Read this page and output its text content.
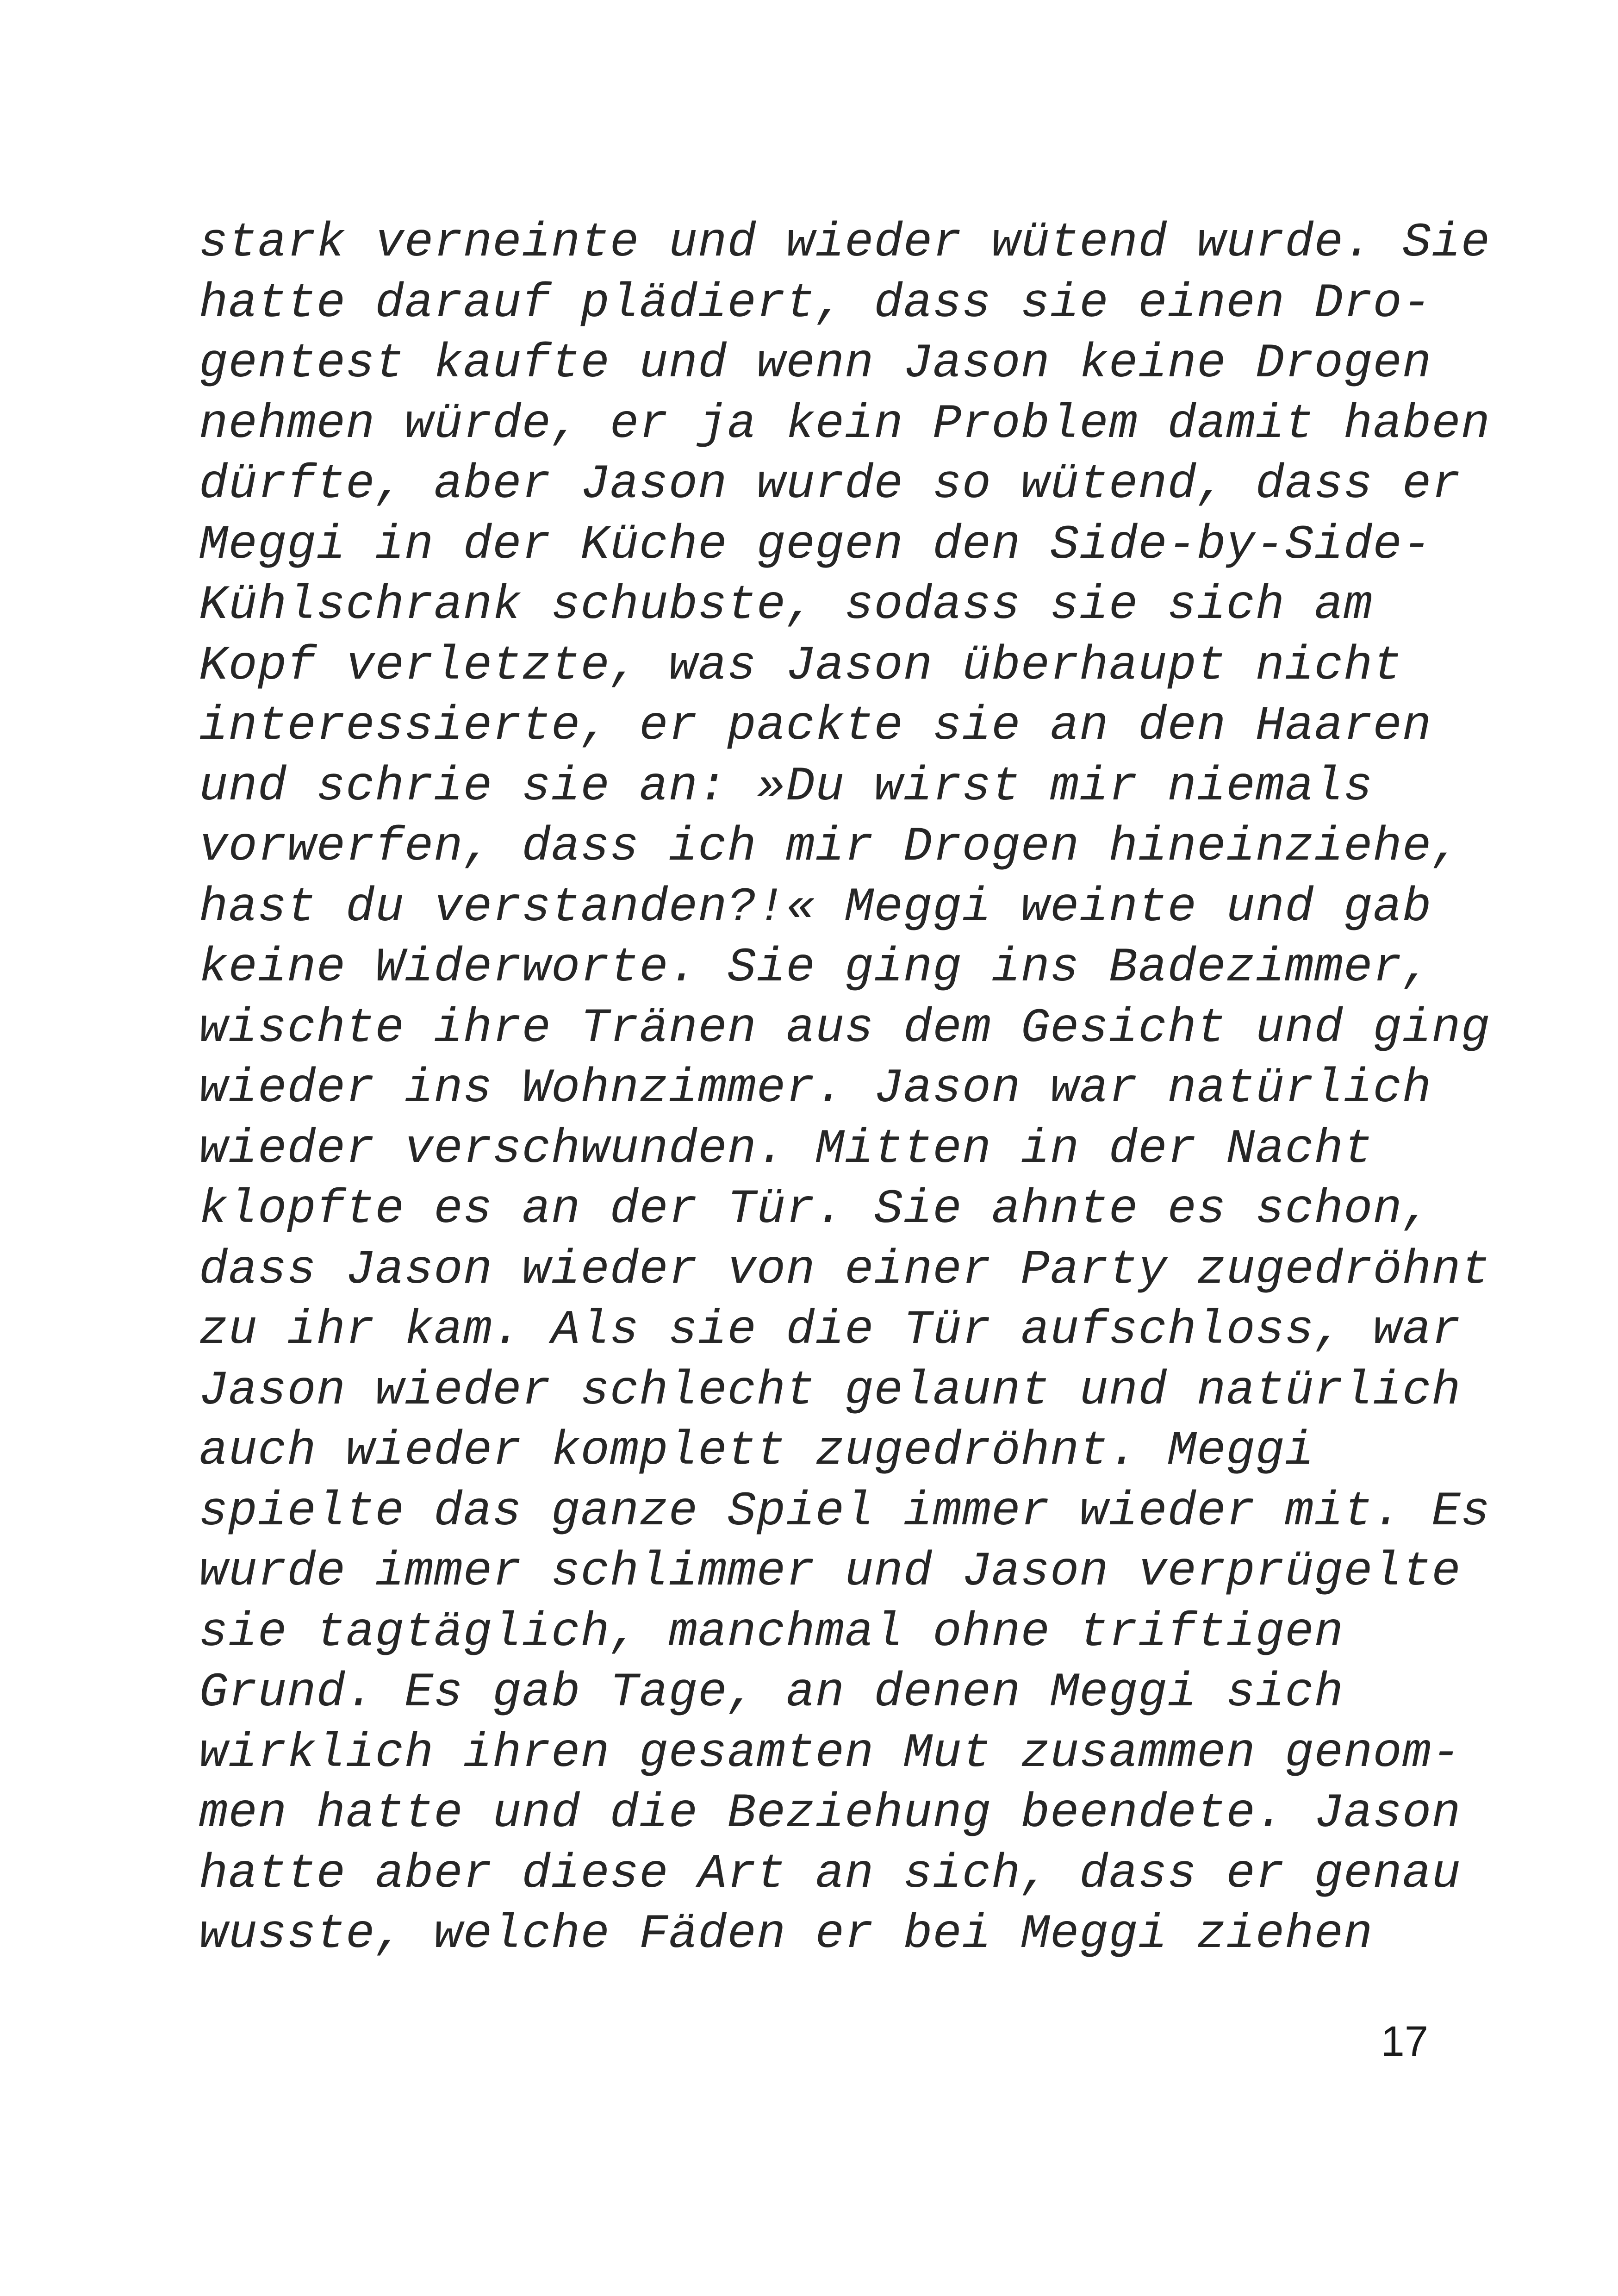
stark verneinte und wieder wütend wurde. Sie
hatte darauf plädiert, dass sie einen Dro-
gentest kaufte und wenn Jason keine Drogen
nehmen würde, er ja kein Problem damit haben
dürfte, aber Jason wurde so wütend, dass er
Meggi in der Küche gegen den Side-by-Side-
Kühlschrank schubste, sodass sie sich am
Kopf verletzte, was Jason überhaupt nicht
interessierte, er packte sie an den Haaren
und schrie sie an: »Du wirst mir niemals
vorwerfen, dass ich mir Drogen hineinziehe,
hast du verstanden?!« Meggi weinte und gab
keine Widerworte. Sie ging ins Badezimmer,
wischte ihre Tränen aus dem Gesicht und ging
wieder ins Wohnzimmer. Jason war natürlich
wieder verschwunden. Mitten in der Nacht
klopfte es an der Tür. Sie ahnte es schon,
dass Jason wieder von einer Party zugedröhnt
zu ihr kam. Als sie die Tür aufschloss, war
Jason wieder schlecht gelaunt und natürlich
auch wieder komplett zugedröhnt. Meggi
spielte das ganze Spiel immer wieder mit. Es
wurde immer schlimmer und Jason verprügelte
sie tagtäglich, manchmal ohne triftigen
Grund. Es gab Tage, an denen Meggi sich
wirklich ihren gesamten Mut zusammen genom-
men hatte und die Beziehung beendete. Jason
hatte aber diese Art an sich, dass er genau
wusste, welche Fäden er bei Meggi ziehen
17
